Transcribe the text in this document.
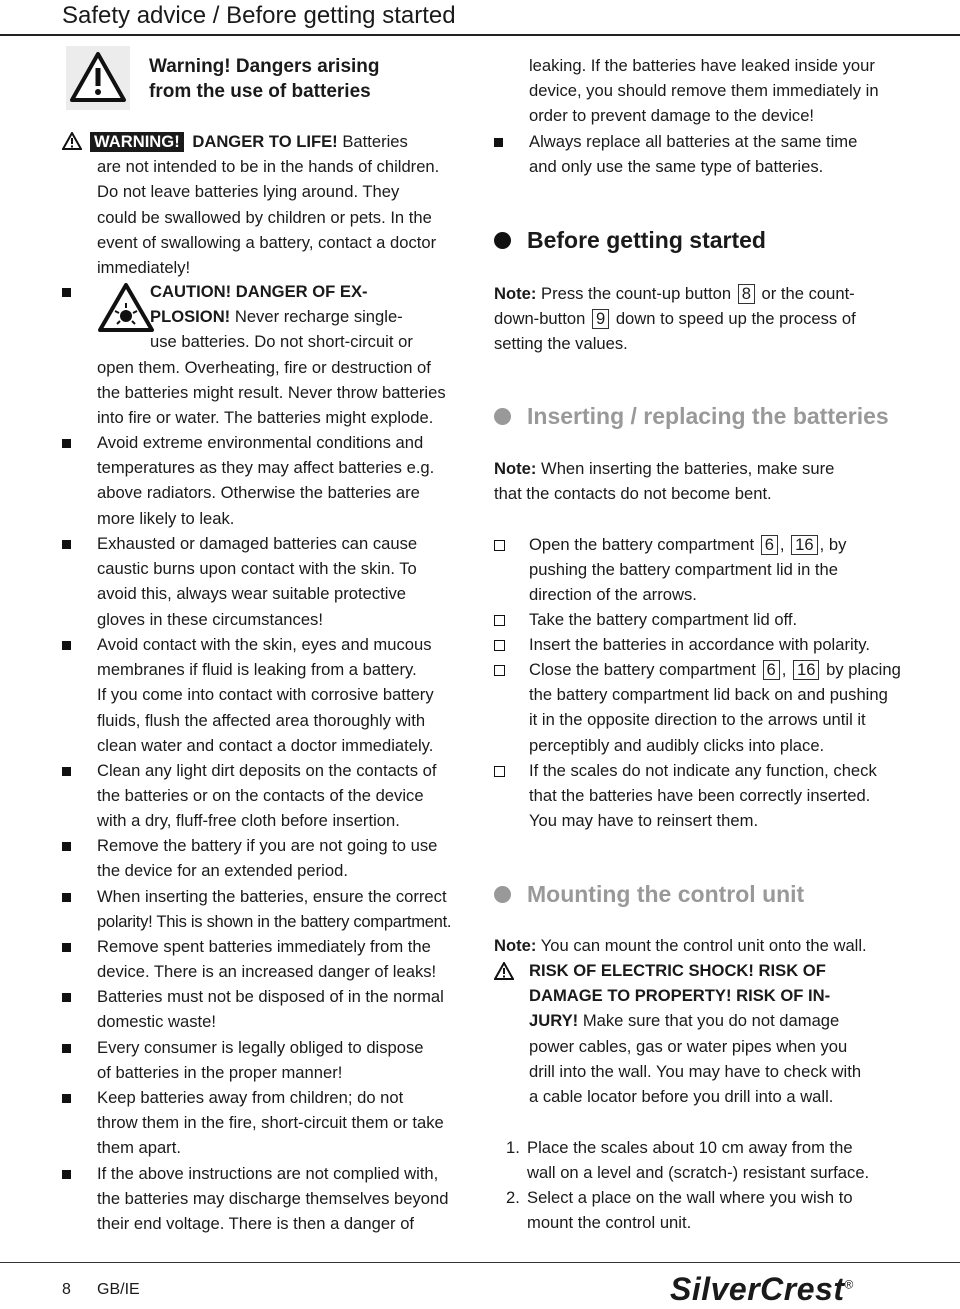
Safety advice / Before getting started
Warning! Dangers arising
from the use of batteries
WARNING! DANGER TO LIFE! Batteries
are not intended to be in the hands of children.
Do not leave batteries lying around. They
could be swallowed by children or pets. In the
event of swallowing a battery, contact a doctor
immediately!
CAUTION! DANGER OF EX-
PLOSION! Never recharge single-
use batteries. Do not short-circuit or
open them. Overheating, fire or destruction of
the batteries might result. Never throw batteries
into fire or water. The batteries might explode.
Avoid extreme environmental conditions and
temperatures as they may affect batteries e.g.
above radiators. Otherwise the batteries are
more likely to leak.
Exhausted or damaged batteries can cause
caustic burns upon contact with the skin. To
avoid this, always wear suitable protective
gloves in these circumstances!
Avoid contact with the skin, eyes and mucous
membranes if fluid is leaking from a battery.
If you come into contact with corrosive battery
fluids, flush the affected area thoroughly with
clean water and contact a doctor immediately.
Clean any light dirt deposits on the contacts of
the batteries or on the contacts of the device
with a dry, fluff-free cloth before insertion.
Remove the battery if you are not going to use
the device for an extended period.
When inserting the batteries, ensure the correct
polarity! This is shown in the battery compartment.
Remove spent batteries immediately from the
device. There is an increased danger of leaks!
Batteries must not be disposed of in the normal
domestic waste!
Every consumer is legally obliged to dispose
of batteries in the proper manner!
Keep batteries away from children; do not
throw them in the fire, short-circuit them or take
them apart.
If the above instructions are not complied with,
the batteries may discharge themselves beyond
their end voltage. There is then a danger of
leaking. If the batteries have leaked inside your
device, you should remove them immediately in
order to prevent damage to the device!
Always replace all batteries at the same time
and only use the same type of batteries.
Before getting started
Note: Press the count-up button 8 or the count-
down-button 9 down to speed up the process of
setting the values.
Inserting / replacing the batteries
Note: When inserting the batteries, make sure
that the contacts do not become bent.
Open the battery compartment 6 , 16 , by
pushing the battery compartment lid in the
direction of the arrows.
Take the battery compartment lid off.
Insert the batteries in accordance with polarity.
Close the battery compartment 6 , 16 by placing
the battery compartment lid back on and pushing
it in the opposite direction to the arrows until it
perceptibly and audibly clicks into place.
If the scales do not indicate any function, check
that the batteries have been correctly inserted.
You may have to reinsert them.
Mounting the control unit
Note: You can mount the control unit onto the wall.
RISK OF ELECTRIC SHOCK! RISK OF
DAMAGE TO PROPERTY! RISK OF IN-
JURY! Make sure that you do not damage
power cables, gas or water pipes when you
drill into the wall. You may have to check with
a cable locator before you drill into a wall.
1. Place the scales about 10 cm away from the
wall on a level and (scratch-) resistant surface.
2. Select a place on the wall where you wish to
mount the control unit.
8 GB/IE	SilverCrest®
